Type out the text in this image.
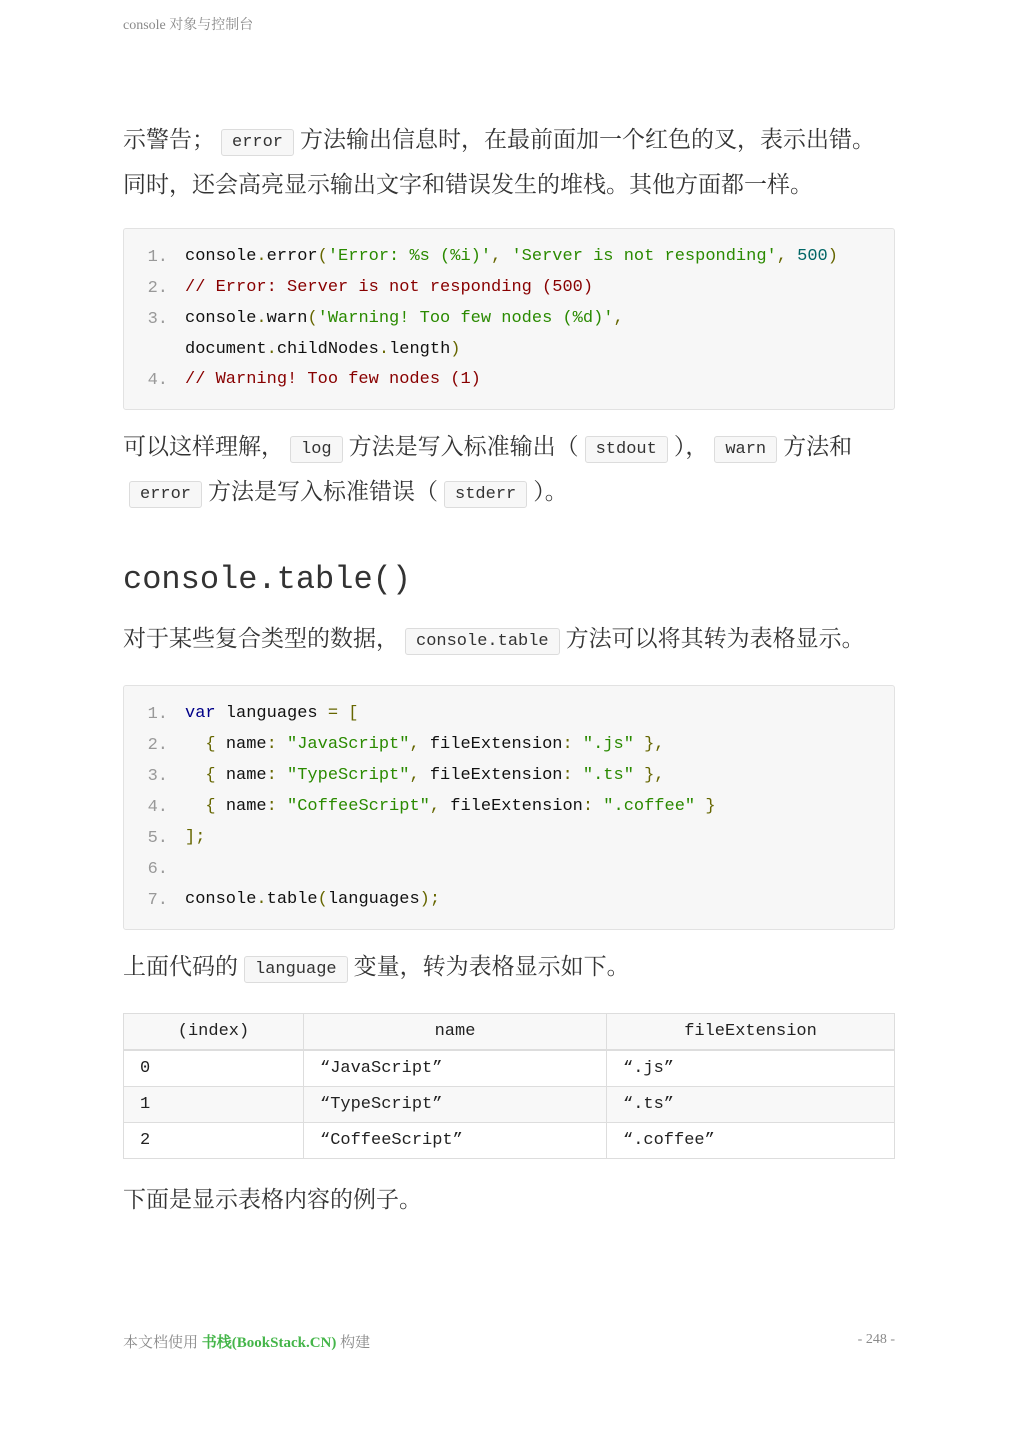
console 对象与控制台

示警告； error 方法输出信息时，在最前面加一个红色的叉，表示出错。同时，还会高亮显示输出文字和错误发生的堆栈。其他方面都一样。

1.	console.error('Error: %s (%i)', 'Server is not responding', 500)
2.	// Error: Server is not responding (500)
3.	console.warn('Warning! Too few nodes (%d)',
document.childNodes.length)
4.	// Warning! Too few nodes (1)

可以这样理解， log 方法是写入标准输出（ stdout ）， warn 方法和error 方法是写入标准错误（ stderr ）。

console.table()

对于某些复合类型的数据， console.table 方法可以将其转为表格显示。

1.	var languages = [
2.	{ name: "JavaScript", fileExtension: ".js" },
3.	{ name: "TypeScript", fileExtension: ".ts" },
4.	{ name: "CoffeeScript", fileExtension: ".coffee" }
5.	];
6.

7.	console.table(languages);

上面代码的 language 变量，转为表格显示如下。

(index)	name	fileExtension
0	“JavaScript”	“.js”
1	“TypeScript”	“.ts”
2	“CoffeeScript”	“.coffee”

下面是显示表格内容的例子。

本文档使用 书栈(BookStack.CN) 构建	- 248 -
